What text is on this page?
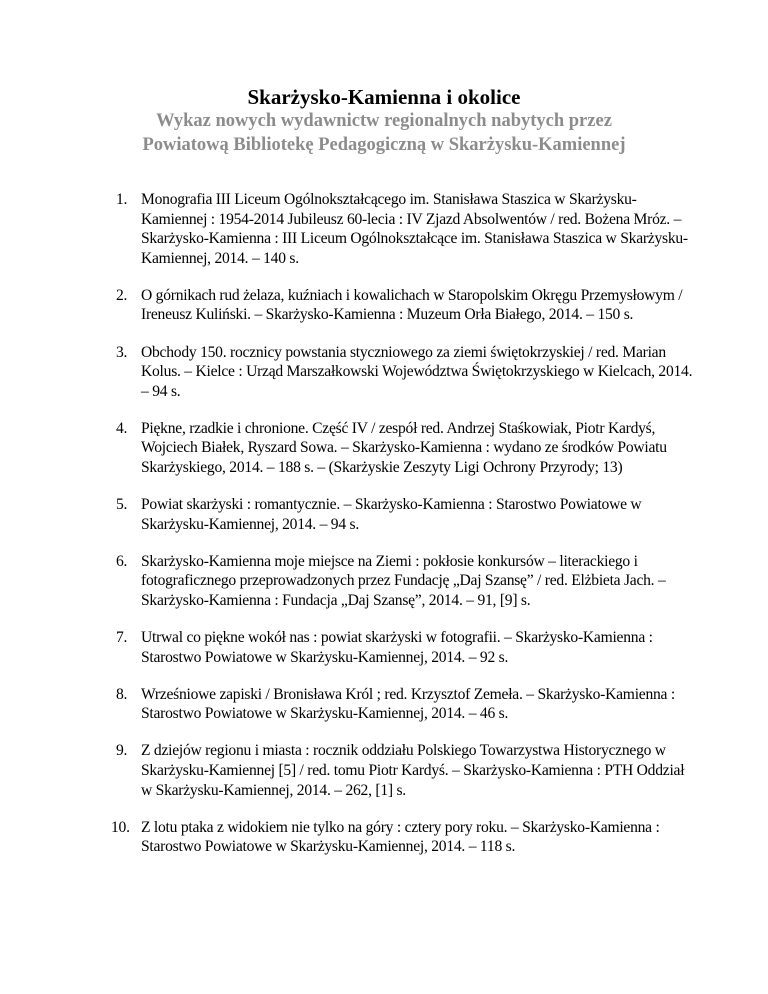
Skarżysko-Kamienna i okolice
Wykaz nowych wydawnictw regionalnych nabytych przez
Powiatową Bibliotekę Pedagogiczną w Skarżysku-Kamiennej
1. Monografia III Liceum Ogólnokształcącego im. Stanisława Staszica w Skarżysku-Kamiennej : 1954-2014 Jubileusz 60-lecia : IV Zjazd Absolwentów / red. Bożena Mróz. – Skarżysko-Kamienna : III Liceum Ogólnokształcące im. Stanisława Staszica w Skarżysku-Kamiennej, 2014. – 140 s.
2. O górnikach rud żelaza, kuźniach i kowalichach w Staropolskim Okręgu Przemysłowym / Ireneusz Kuliński. – Skarżysko-Kamienna : Muzeum Orła Białego, 2014. – 150 s.
3. Obchody 150. rocznicy powstania styczniowego za ziemi świętokrzyskiej / red. Marian Kolus. – Kielce : Urząd Marszałkowski Województwa Świętokrzyskiego w Kielcach, 2014. – 94 s.
4. Piękne, rzadkie i chronione. Część IV / zespół red. Andrzej Staśkowiak, Piotr Kardyś, Wojciech Białek, Ryszard Sowa. – Skarżysko-Kamienna : wydano ze środków Powiatu Skarżyskiego, 2014. – 188 s. – (Skarżyskie Zeszyty Ligi Ochrony Przyrody; 13)
5. Powiat skarżyski : romantycznie. – Skarżysko-Kamienna : Starostwo Powiatowe w Skarżysku-Kamiennej, 2014. – 94 s.
6. Skarżysko-Kamienna moje miejsce na Ziemi : pokłosie konkursów – literackiego i fotograficznego przeprowadzonych przez Fundację „Daj Szansę” / red. Elżbieta Jach. – Skarżysko-Kamienna : Fundacja „Daj Szansę”, 2014. – 91, [9] s.
7. Utrwal co piękne wokół nas : powiat skarżyski w fotografii. – Skarżysko-Kamienna : Starostwo Powiatowe w Skarżysku-Kamiennej, 2014. – 92 s.
8. Wrześniowe zapiski / Bronisława Król ; red. Krzysztof Zemeła. – Skarżysko-Kamienna : Starostwo Powiatowe w Skarżysku-Kamiennej, 2014. – 46 s.
9. Z dziejów regionu i miasta : rocznik oddziału Polskiego Towarzystwa Historycznego w Skarżysku-Kamiennej [5] / red. tomu Piotr Kardyś. – Skarżysko-Kamienna : PTH Oddział w Skarżysku-Kamiennej, 2014. – 262, [1] s.
10. Z lotu ptaka z widokiem nie tylko na góry : cztery pory roku. – Skarżysko-Kamienna : Starostwo Powiatowe w Skarżysku-Kamiennej, 2014. – 118 s.
